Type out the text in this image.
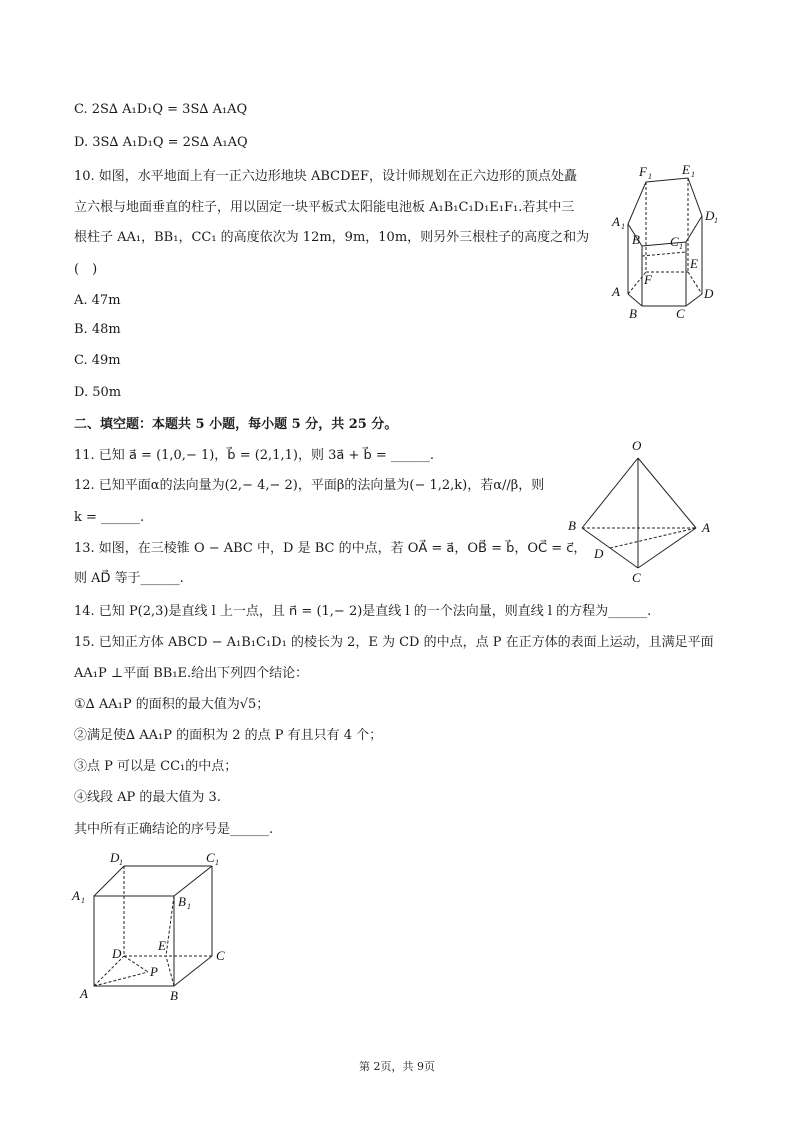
C. 2S∆ A₁D₁Q = 3S∆ A₁AQ
D. 3S∆ A₁D₁Q = 2S∆ A₁AQ
10. 如图，水平地面上有一正六边形地块 ABCDEF，设计师规划在正六边形的顶点处矗
立六根与地面垂直的柱子，用以固定一块平板式太阳能电池板 A₁B₁C₁D₁E₁F₁.若其中三
根柱子 AA₁，BB₁，CC₁ 的高度依次为 12m，9m，10m，则另外三根柱子的高度之和为
( )
A. 47m
B. 48m
C. 49m
D. 50m
二、填空题：本题共 5 小题，每小题 5 分，共 25 分。
11. 已知 a⃗ = (1,0,− 1)，b⃗ = (2,1,1)，则 3a⃗ + b⃗ = ______.
12. 已知平面α的法向量为(2,− 4,− 2)，平面β的法向量为(− 1,2,k)，若α//β，则
k = ______.
13. 如图，在三棱锥 O − ABC 中，D 是 BC 的中点，若 OA⃗ = a⃗，OB⃗ = b⃗，OC⃗ = c⃗，
则 AD⃗ 等于______.
14. 已知 P(2,3)是直线 l 上一点，且 n⃗ = (1,− 2)是直线 l 的一个法向量，则直线 l 的方程为______.
15. 已知正方体 ABCD − A₁B₁C₁D₁ 的棱长为 2，E 为 CD 的中点，点 P 在正方体的表面上运动，且满足平面
AA₁P ⊥平面 BB₁E.给出下列四个结论：
①∆ AA₁P 的面积的最大值为√5；
②满足使∆ AA₁P 的面积为 2 的点 P 有且只有 4 个；
③点 P 可以是 CC₁的中点；
④线段 AP 的最大值为 3.
其中所有正确结论的序号是______.
F 1 E 1
A 1
D 1
B C 1
E
F
A	D
B	C
O
B	A
D
C
D 1	C 1
A 1	B 1
E
D	C
P
A	B
第 2页，共 9页
